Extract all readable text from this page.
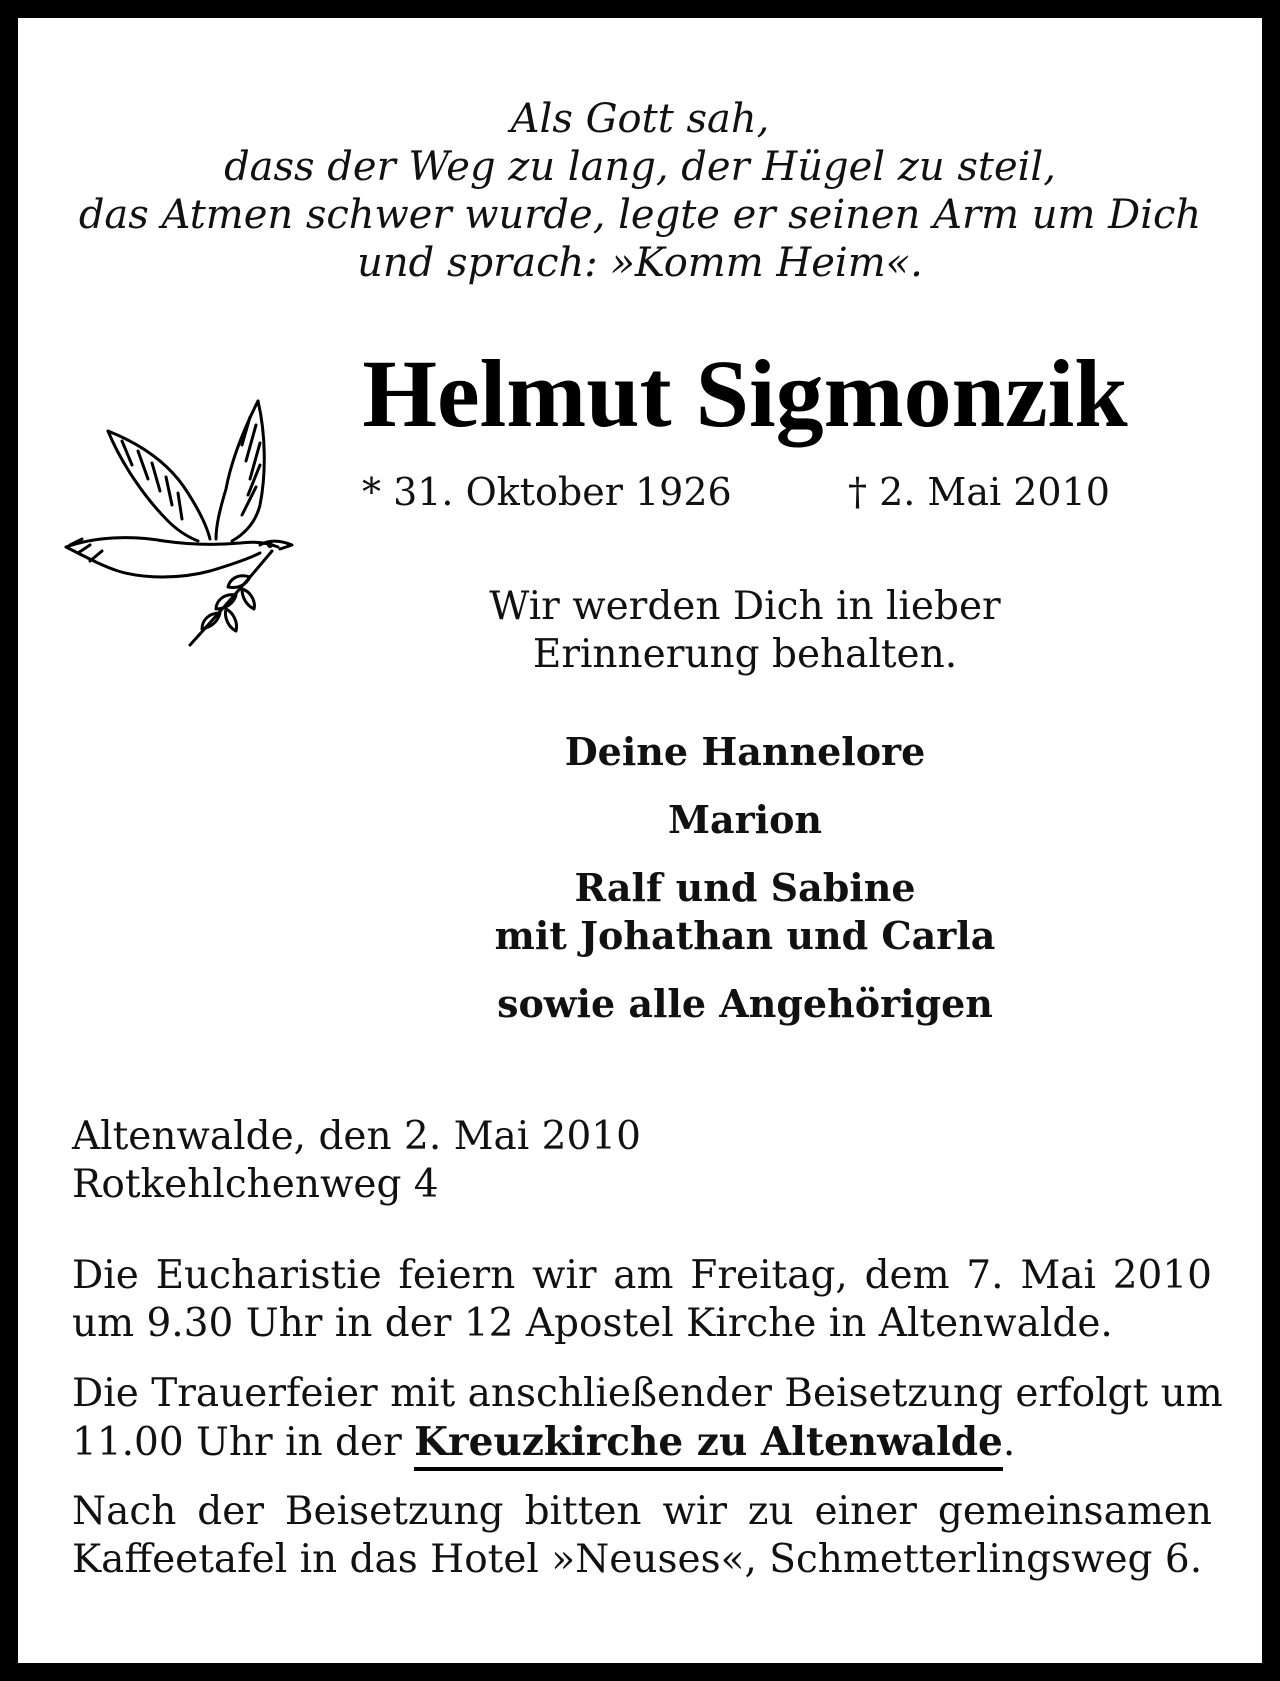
Als Gott sah,
dass der Weg zu lang, der Hügel zu steil,
das Atmen schwer wurde, legte er seinen Arm um Dich
und sprach: »Komm Heim«.
Helmut Sigmonzik
* 31. Oktober 1926	† 2. Mai 2010
Wir werden Dich in lieber
Erinnerung behalten.
Deine Hannelore
Marion
Ralf und Sabine
mit Johathan und Carla
sowie alle Angehörigen
Altenwalde, den 2. Mai 2010
Rotkehlchenweg 4
Die Eucharistie feiern wir am Freitag, dem 7. Mai 2010
um 9.30 Uhr in der 12 Apostel Kirche in Altenwalde.
Die Trauerfeier mit anschließender Beisetzung erfolgt um
11.00 Uhr in der Kreuzkirche zu Altenwalde.
Nach der Beisetzung bitten wir zu einer gemeinsamen
Kaffeetafel in das Hotel »Neuses«, Schmetterlingsweg 6.
